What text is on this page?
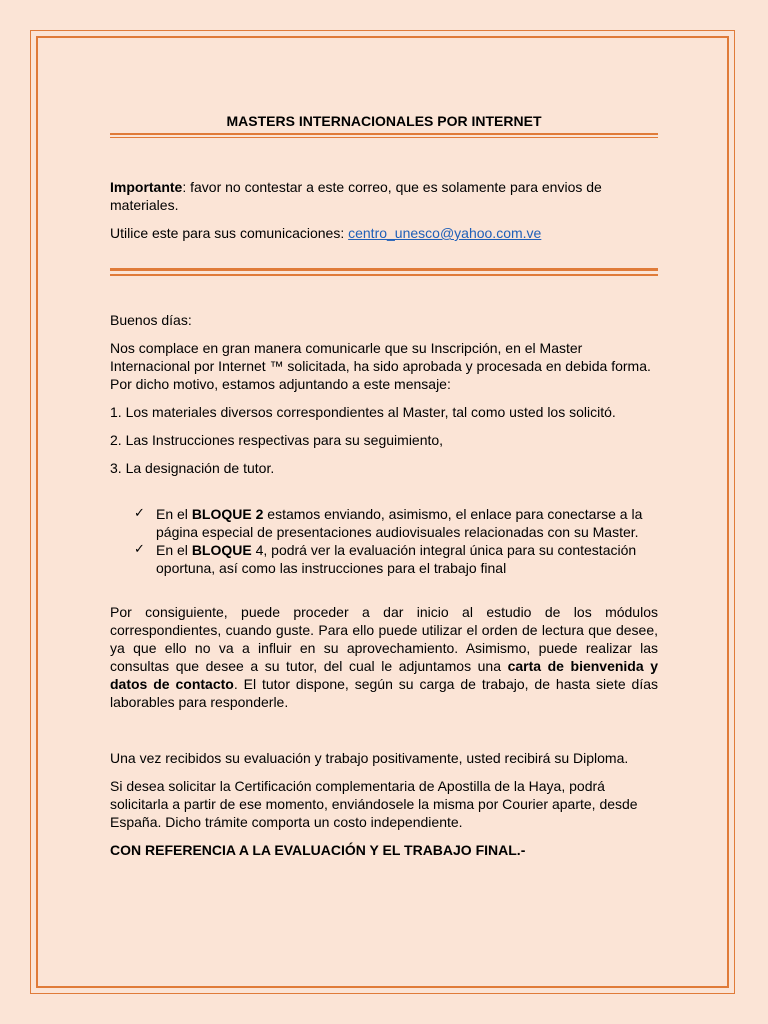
MASTERS INTERNACIONALES POR INTERNET

Importante: favor no contestar a este correo, que es solamente para envios de materiales.

Utilice este para sus comunicaciones: centro_unesco@yahoo.com.ve

Buenos días:

Nos complace en gran manera comunicarle que su Inscripción, en el Master Internacional por Internet ™ solicitada, ha sido aprobada y procesada en debida forma. Por dicho motivo, estamos adjuntando a este mensaje:

1. Los materiales diversos correspondientes al Master, tal como usted los solicitó.

2. Las Instrucciones respectivas para su seguimiento,

3. La designación de tutor.

✓ En el BLOQUE 2 estamos enviando, asimismo, el enlace para conectarse a la página especial de presentaciones audiovisuales relacionadas con su Master.
✓ En el BLOQUE 4, podrá ver la evaluación integral única para su contestación oportuna, así como las instrucciones para el trabajo final

Por consiguiente, puede proceder a dar inicio al estudio de los módulos correspondientes, cuando guste. Para ello puede utilizar el orden de lectura que desee, ya que ello no va a influir en su aprovechamiento. Asimismo, puede realizar las consultas que desee a su tutor, del cual le adjuntamos una carta de bienvenida y datos de contacto. El tutor dispone, según su carga de trabajo, de hasta siete días laborables para responderle.

Una vez recibidos su evaluación y trabajo positivamente, usted recibirá su Diploma.

Si desea solicitar la Certificación complementaria de Apostilla de la Haya, podrá solicitarla a partir de ese momento, enviándosele la misma por Courier aparte, desde España. Dicho trámite comporta un costo independiente.

CON REFERENCIA A LA EVALUACIÓN Y EL TRABAJO FINAL.-
